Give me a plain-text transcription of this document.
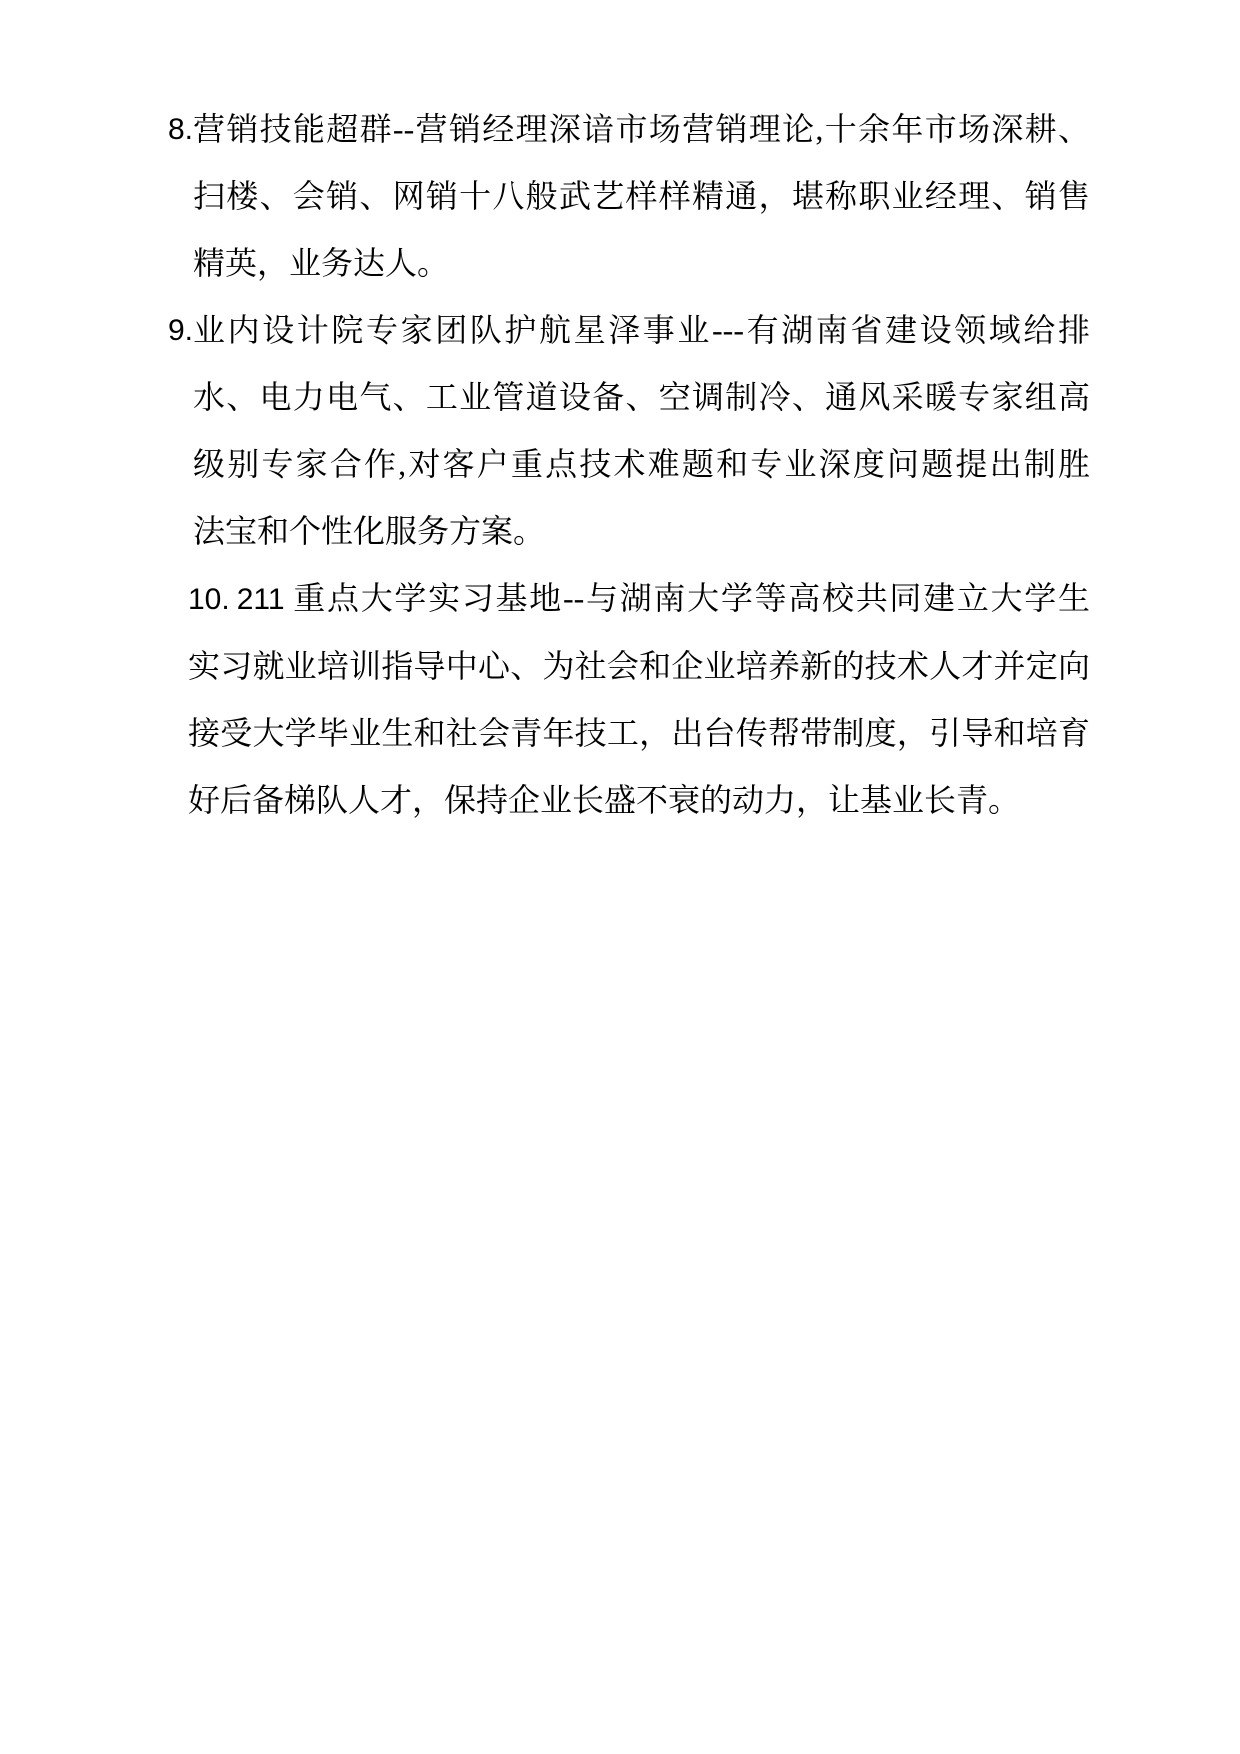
8. 营销技能超群--营销经理深谙市场营销理论,十余年市场深耕、
扫楼、会销、网销十八般武艺样样精通，堪称职业经理、销售
精英，业务达人。
9. 业内设计院专家团队护航星泽事业---有湖南省建设领域给排
水、电力电气、工业管道设备、空调制冷、通风采暖专家组高
级别专家合作,对客户重点技术难题和专业深度问题提出制胜
法宝和个性化服务方案。
10. 211 重点大学实习基地--与湖南大学等高校共同建立大学生
实习就业培训指导中心、为社会和企业培养新的技术人才并定向
接受大学毕业生和社会青年技工，出台传帮带制度，引导和培育
好后备梯队人才，保持企业长盛不衰的动力，让基业长青。
